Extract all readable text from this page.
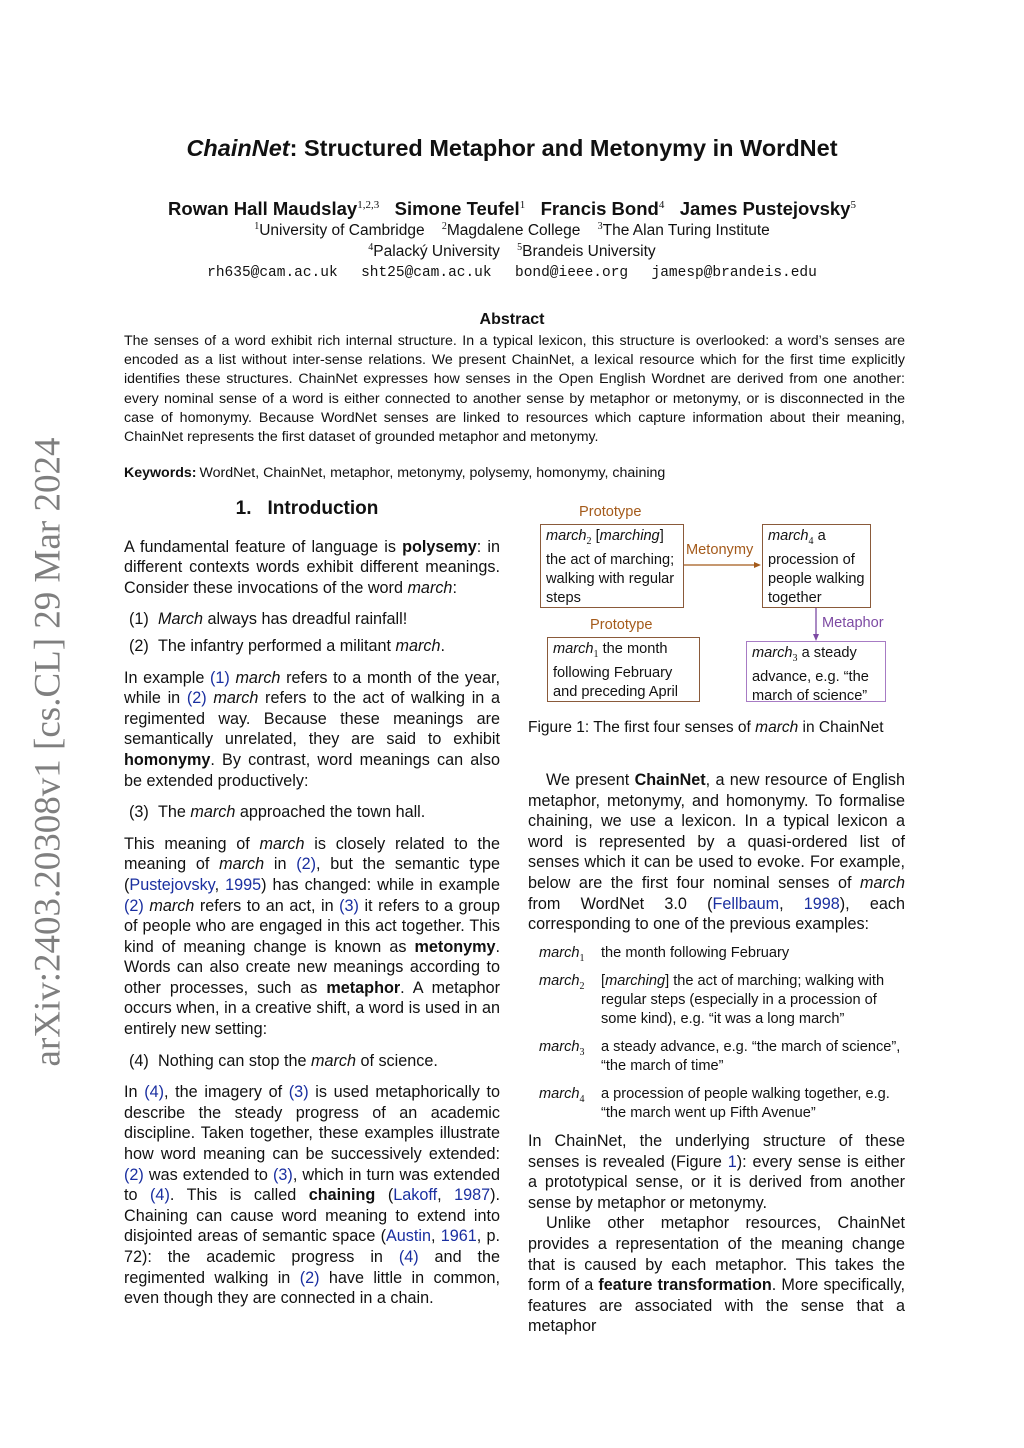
arXiv:2403.20308v1 [cs.CL] 29 Mar 2024
ChainNet: Structured Metaphor and Metonymy in WordNet
Rowan Hall Maudslay$^{1,2,3}$ Simone Teufel$^1$ Francis Bond$^4$ James Pustejovsky$^5$
$^1$University of Cambridge $^2$Magdalene College $^3$The Alan Turing Institute
$^4$Palacký University $^5$Brandeis University
rh635@cam.ac.uk  sht25@cam.ac.uk  bond@ieee.org  jamesp@brandeis.edu
Abstract
The senses of a word exhibit rich internal structure. In a typical lexicon, this structure is overlooked: a word’s senses are encoded as a list without inter-sense relations. We present ChainNet, a lexical resource which for the first time explicitly identifies these structures. ChainNet expresses how senses in the Open English Wordnet are derived from one another: every nominal sense of a word is either connected to another sense by metaphor or metonymy, or is disconnected in the case of homonymy. Because WordNet senses are linked to resources which capture information about their meaning, ChainNet represents the first dataset of grounded metaphor and metonymy.
Keywords: WordNet, ChainNet, metaphor, metonymy, polysemy, homonymy, chaining
1. Introduction

A fundamental feature of language is polysemy: in different contexts words exhibit different meanings. Consider these invocations of the word march:

(1) March always has dreadful rainfall!

(2) The infantry performed a militant march.

In example (1) march refers to a month of the year, while in (2) march refers to the act of walking in a regimented way. Because these meanings are semantically unrelated, they are said to exhibit homonymy. By contrast, word meanings can also be extended productively:

(3) The march approached the town hall.

This meaning of march is closely related to the meaning of march in (2), but the semantic type (Pustejovsky, 1995) has changed: while in example (2) march refers to an act, in (3) it refers to a group of people who are engaged in this act together. This kind of meaning change is known as metonymy. Words can also create new meanings according to other processes, such as metaphor. A metaphor occurs when, in a creative shift, a word is used in an entirely new setting:

(4) Nothing can stop the march of science.

In (4), the imagery of (3) is used metaphorically to describe the steady progress of an academic discipline. Taken together, these examples illustrate how word meaning can be successively extended: (2) was extended to (3), which in turn was extended to (4). This is called chaining (Lakoff, 1987). Chaining can cause word meaning to extend into disjointed areas of semantic space (Austin, 1961, p. 72): the academic progress in (4) and the regimented walking in (2) have little in common, even though they are connected in a chain.

Prototype
march$_2$ [marching] the act of marching; walking with regular steps
Metonymy
march$_4$ a procession of people walking together
Prototype	Metaphor
march$_1$ the month following February and preceding April
march$_3$ a steady advance, e.g. “the march of science”
Figure 1: The first four senses of march in ChainNet

We present ChainNet, a new resource of English metaphor, metonymy, and homonymy. To formalise chaining, we use a lexicon. In a typical lexicon a word is represented by a quasi-ordered list of senses which it can be used to evoke. For example, below are the first four nominal senses of march from WordNet 3.0 (Fellbaum, 1998), each corresponding to one of the previous examples:

march$_1$ the month following February
march$_2$ [marching] the act of marching; walking with regular steps (especially in a procession of some kind), e.g. “it was a long march”
march$_3$ a steady advance, e.g. “the march of science”, “the march of time”
march$_4$ a procession of people walking together, e.g. “the march went up Fifth Avenue”

In ChainNet, the underlying structure of these senses is revealed (Figure 1): every sense is either a prototypical sense, or it is derived from another sense by metaphor or metonymy.

Unlike other metaphor resources, ChainNet provides a representation of the meaning change that is caused by each metaphor. This takes the form of a feature transformation. More specifically, features are associated with the sense that a metaphor
